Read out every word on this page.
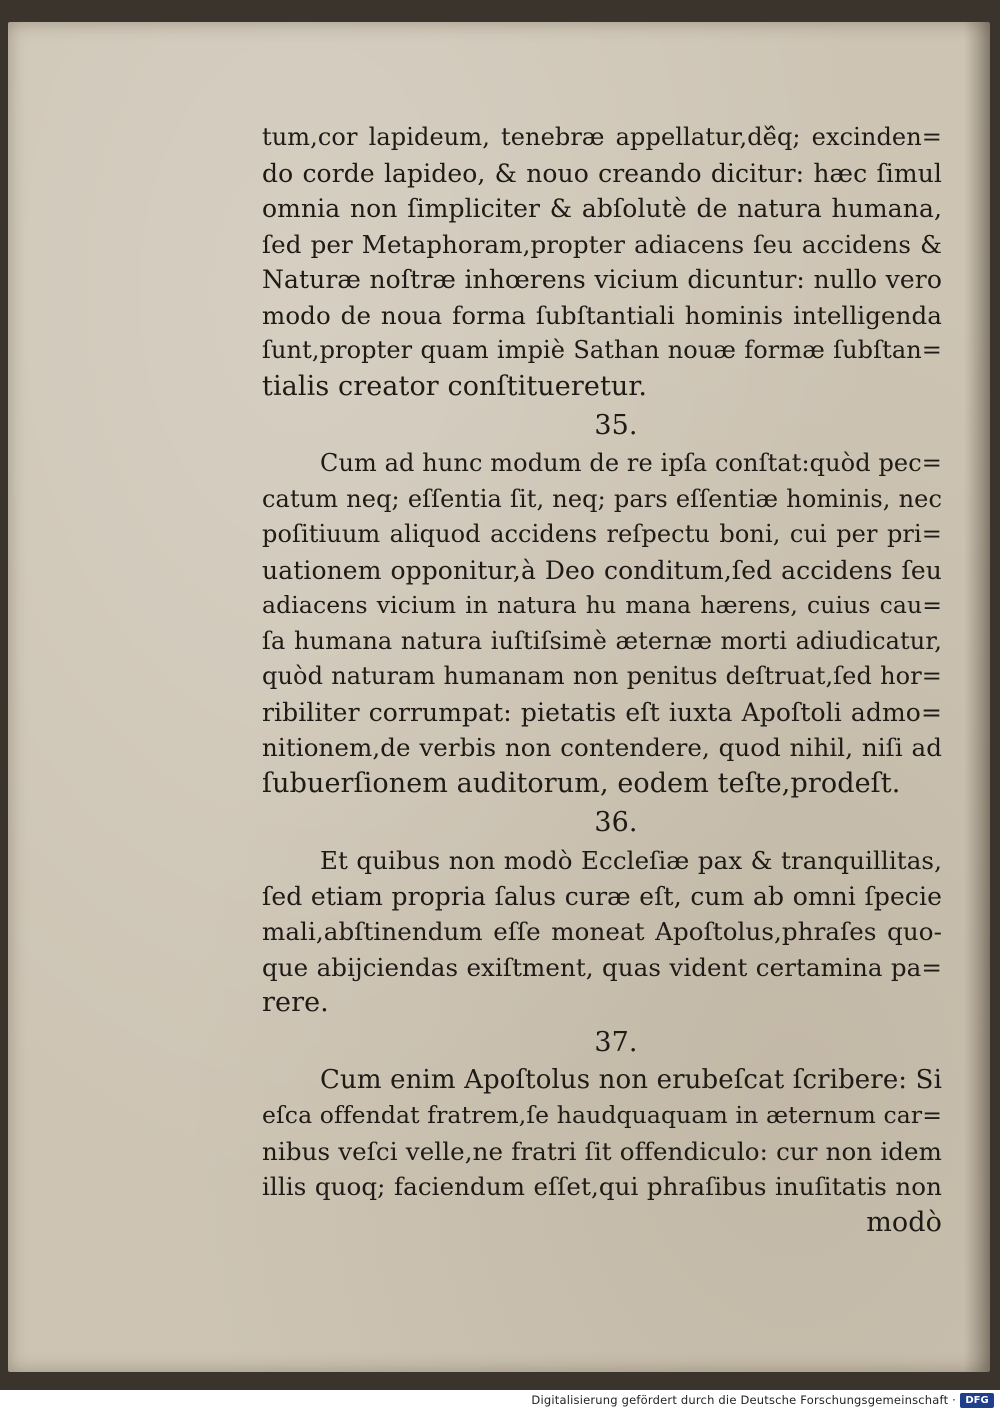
tum,cor lapideum, tenebræ appellatur,de᷈q; excinden=
do corde lapideo, & nouo creando dicitur: hæc ſimul
omnia non ſimpliciter & abſolutè de natura humana,
ſed per Metaphoram,propter adiacens ſeu accidens &
Naturæ noſtræ inhœrens vicium dicuntur: nullo vero
modo de noua forma ſubſtantiali hominis intelligenda
ſunt,propter quam impiè Sathan nouæ formæ ſubſtan=
tialis creator conſtitueretur.
35.
Cum ad hunc modum de re ipſa conſtat:quòd pec=
catum neq; eſſentia ſit, neq; pars eſſentiæ hominis, nec
poſitiuum aliquod accidens reſpectu boni, cui per pri=
uationem opponitur,à Deo conditum,ſed accidens ſeu
adiacens vicium in natura hu mana hærens, cuius cau=
ſa humana natura iuſtiſsimè æternæ morti adiudicatur,
quòd naturam humanam non penitus deſtruat,ſed hor=
ribiliter corrumpat: pietatis eſt iuxta Apoſtoli admo=
nitionem,de verbis non contendere, quod nihil, niſi ad
ſubuerſionem auditorum, eodem teſte,prodeſt.
36.
Et quibus non modò Eccleſiæ pax & tranquillitas,
ſed etiam propria ſalus curæ eſt, cum ab omni ſpecie
mali,abſtinendum eſſe moneat Apoſtolus,phraſes quo-
que abijciendas exiſtment, quas vident certamina pa=
rere.
37.
Cum enim Apoſtolus non erubeſcat ſcribere: Si
eſca offendat fratrem,ſe haudquaquam in æternum car=
nibus veſci velle,ne fratri ſit offendiculo: cur non idem
illis quoq; faciendum eſſet,qui phraſibus inuſitatis non
modò
Digitalisierung gefördert durch die Deutsche Forschungsgemeinschaft · DFG
